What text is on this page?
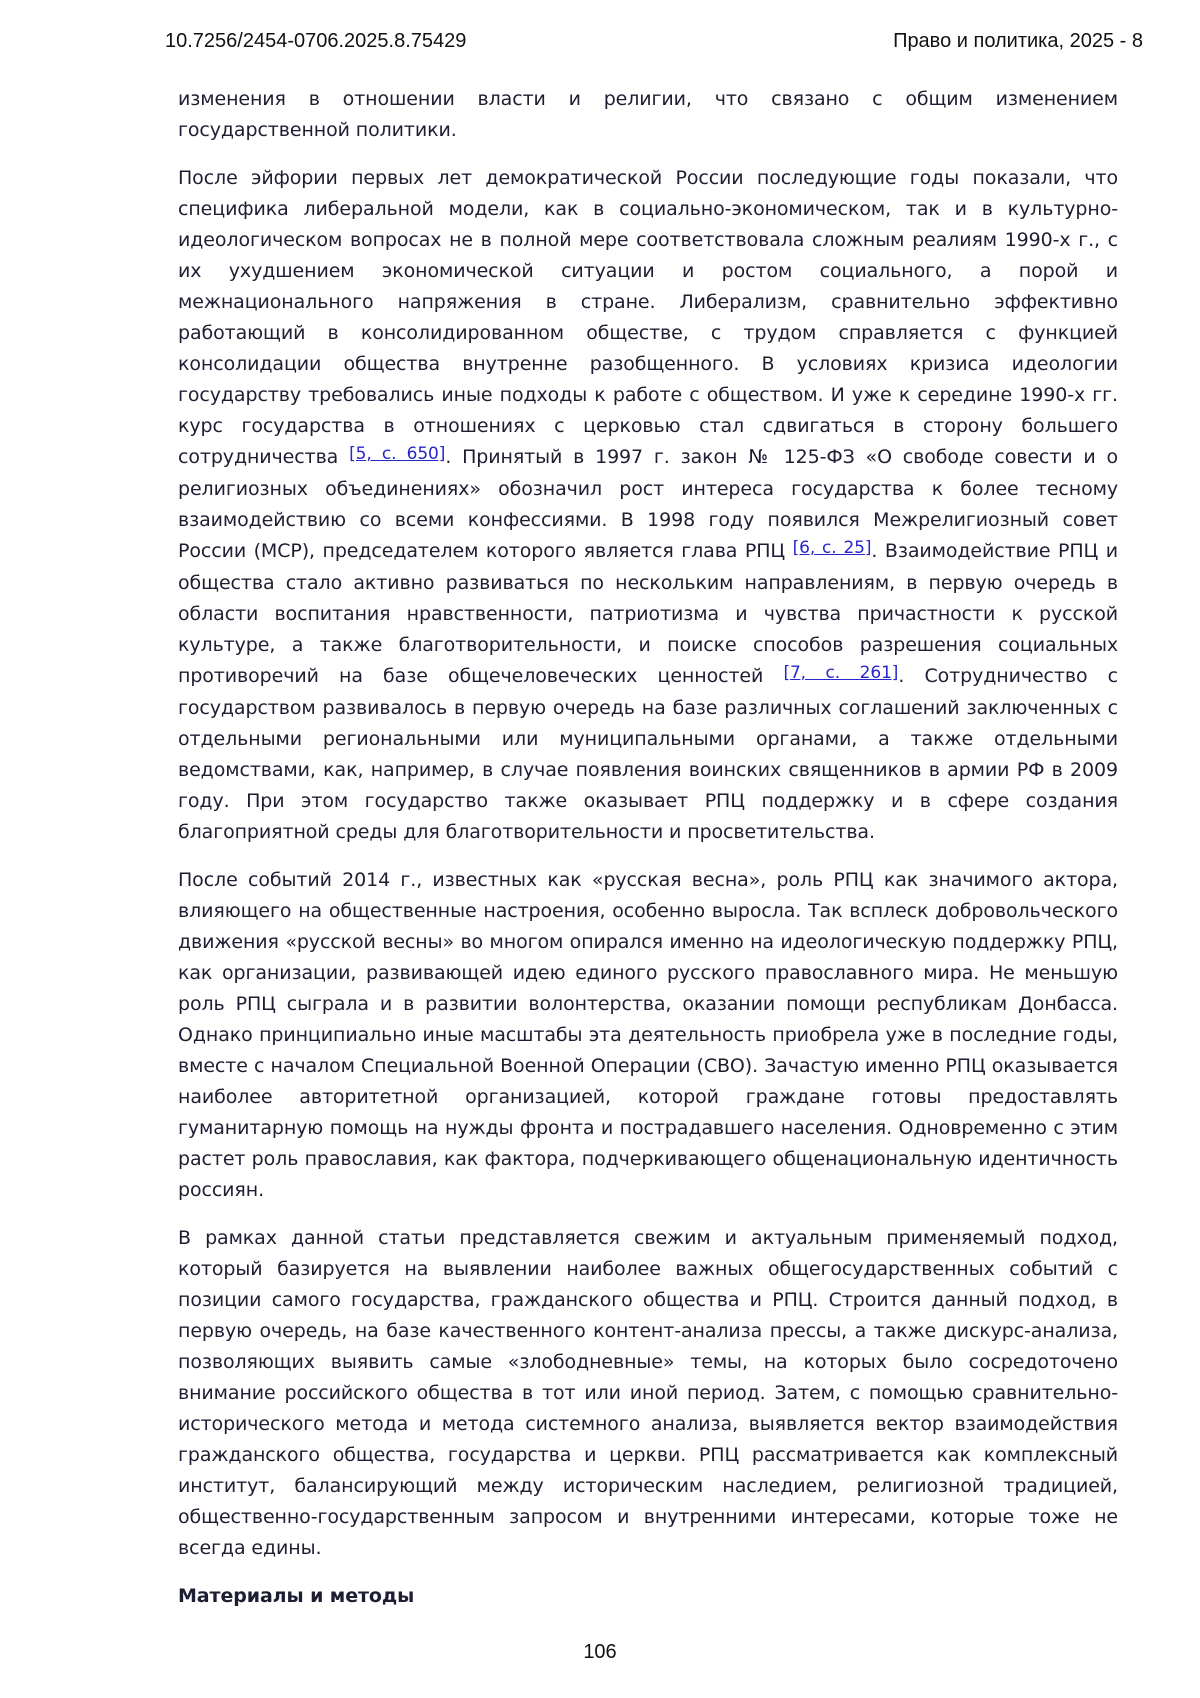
10.7256/2454-0706.2025.8.75429	Право и политика, 2025 - 8

изменения в отношении власти и религии, что связано с общим изменением государственной политики.

После эйфории первых лет демократической России последующие годы показали, что специфика либеральной модели, как в социально-экономическом, так и в культурно-идеологическом вопросах не в полной мере соответствовала сложным реалиям 1990-х г., с их ухудшением экономической ситуации и ростом социального, а порой и межнационального напряжения в стране. Либерализм, сравнительно эффективно работающий в консолидированном обществе, с трудом справляется с функцией консолидации общества внутренне разобщенного. В условиях кризиса идеологии государству требовались иные подходы к работе с обществом. И уже к середине 1990-х гг. курс государства в отношениях с церковью стал сдвигаться в сторону большего сотрудничества [5, с. 650]. Принятый в 1997 г. закон № 125-ФЗ «О свободе совести и о религиозных объединениях» обозначил рост интереса государства к более тесному взаимодействию со всеми конфессиями. В 1998 году появился Межрелигиозный совет России (МСР), председателем которого является глава РПЦ [6, с. 25]. Взаимодействие РПЦ и общества стало активно развиваться по нескольким направлениям, в первую очередь в области воспитания нравственности, патриотизма и чувства причастности к русской культуре, а также благотворительности, и поиске способов разрешения социальных противоречий на базе общечеловеческих ценностей [7, с. 261]. Сотрудничество с государством развивалось в первую очередь на базе различных соглашений заключенных с отдельными региональными или муниципальными органами, а также отдельными ведомствами, как, например, в случае появления воинских священников в армии РФ в 2009 году. При этом государство также оказывает РПЦ поддержку и в сфере создания благоприятной среды для благотворительности и просветительства.

После событий 2014 г., известных как «русская весна», роль РПЦ как значимого актора, влияющего на общественные настроения, особенно выросла. Так всплеск добровольческого движения «русской весны» во многом опирался именно на идеологическую поддержку РПЦ, как организации, развивающей идею единого русского православного мира. Не меньшую роль РПЦ сыграла и в развитии волонтерства, оказании помощи республикам Донбасса. Однако принципиально иные масштабы эта деятельность приобрела уже в последние годы, вместе с началом Специальной Военной Операции (СВО). Зачастую именно РПЦ оказывается наиболее авторитетной организацией, которой граждане готовы предоставлять гуманитарную помощь на нужды фронта и пострадавшего населения. Одновременно с этим растет роль православия, как фактора, подчеркивающего общенациональную идентичность россиян.

В рамках данной статьи представляется свежим и актуальным применяемый подход, который базируется на выявлении наиболее важных общегосударственных событий с позиции самого государства, гражданского общества и РПЦ. Строится данный подход, в первую очередь, на базе качественного контент-анализа прессы, а также дискурс-анализа, позволяющих выявить самые «злободневные» темы, на которых было сосредоточено внимание российского общества в тот или иной период. Затем, с помощью сравнительно-исторического метода и метода системного анализа, выявляется вектор взаимодействия гражданского общества, государства и церкви. РПЦ рассматривается как комплексный институт, балансирующий между историческим наследием, религиозной традицией, общественно-государственным запросом и внутренними интересами, которые тоже не всегда едины.

Материалы и методы
106
